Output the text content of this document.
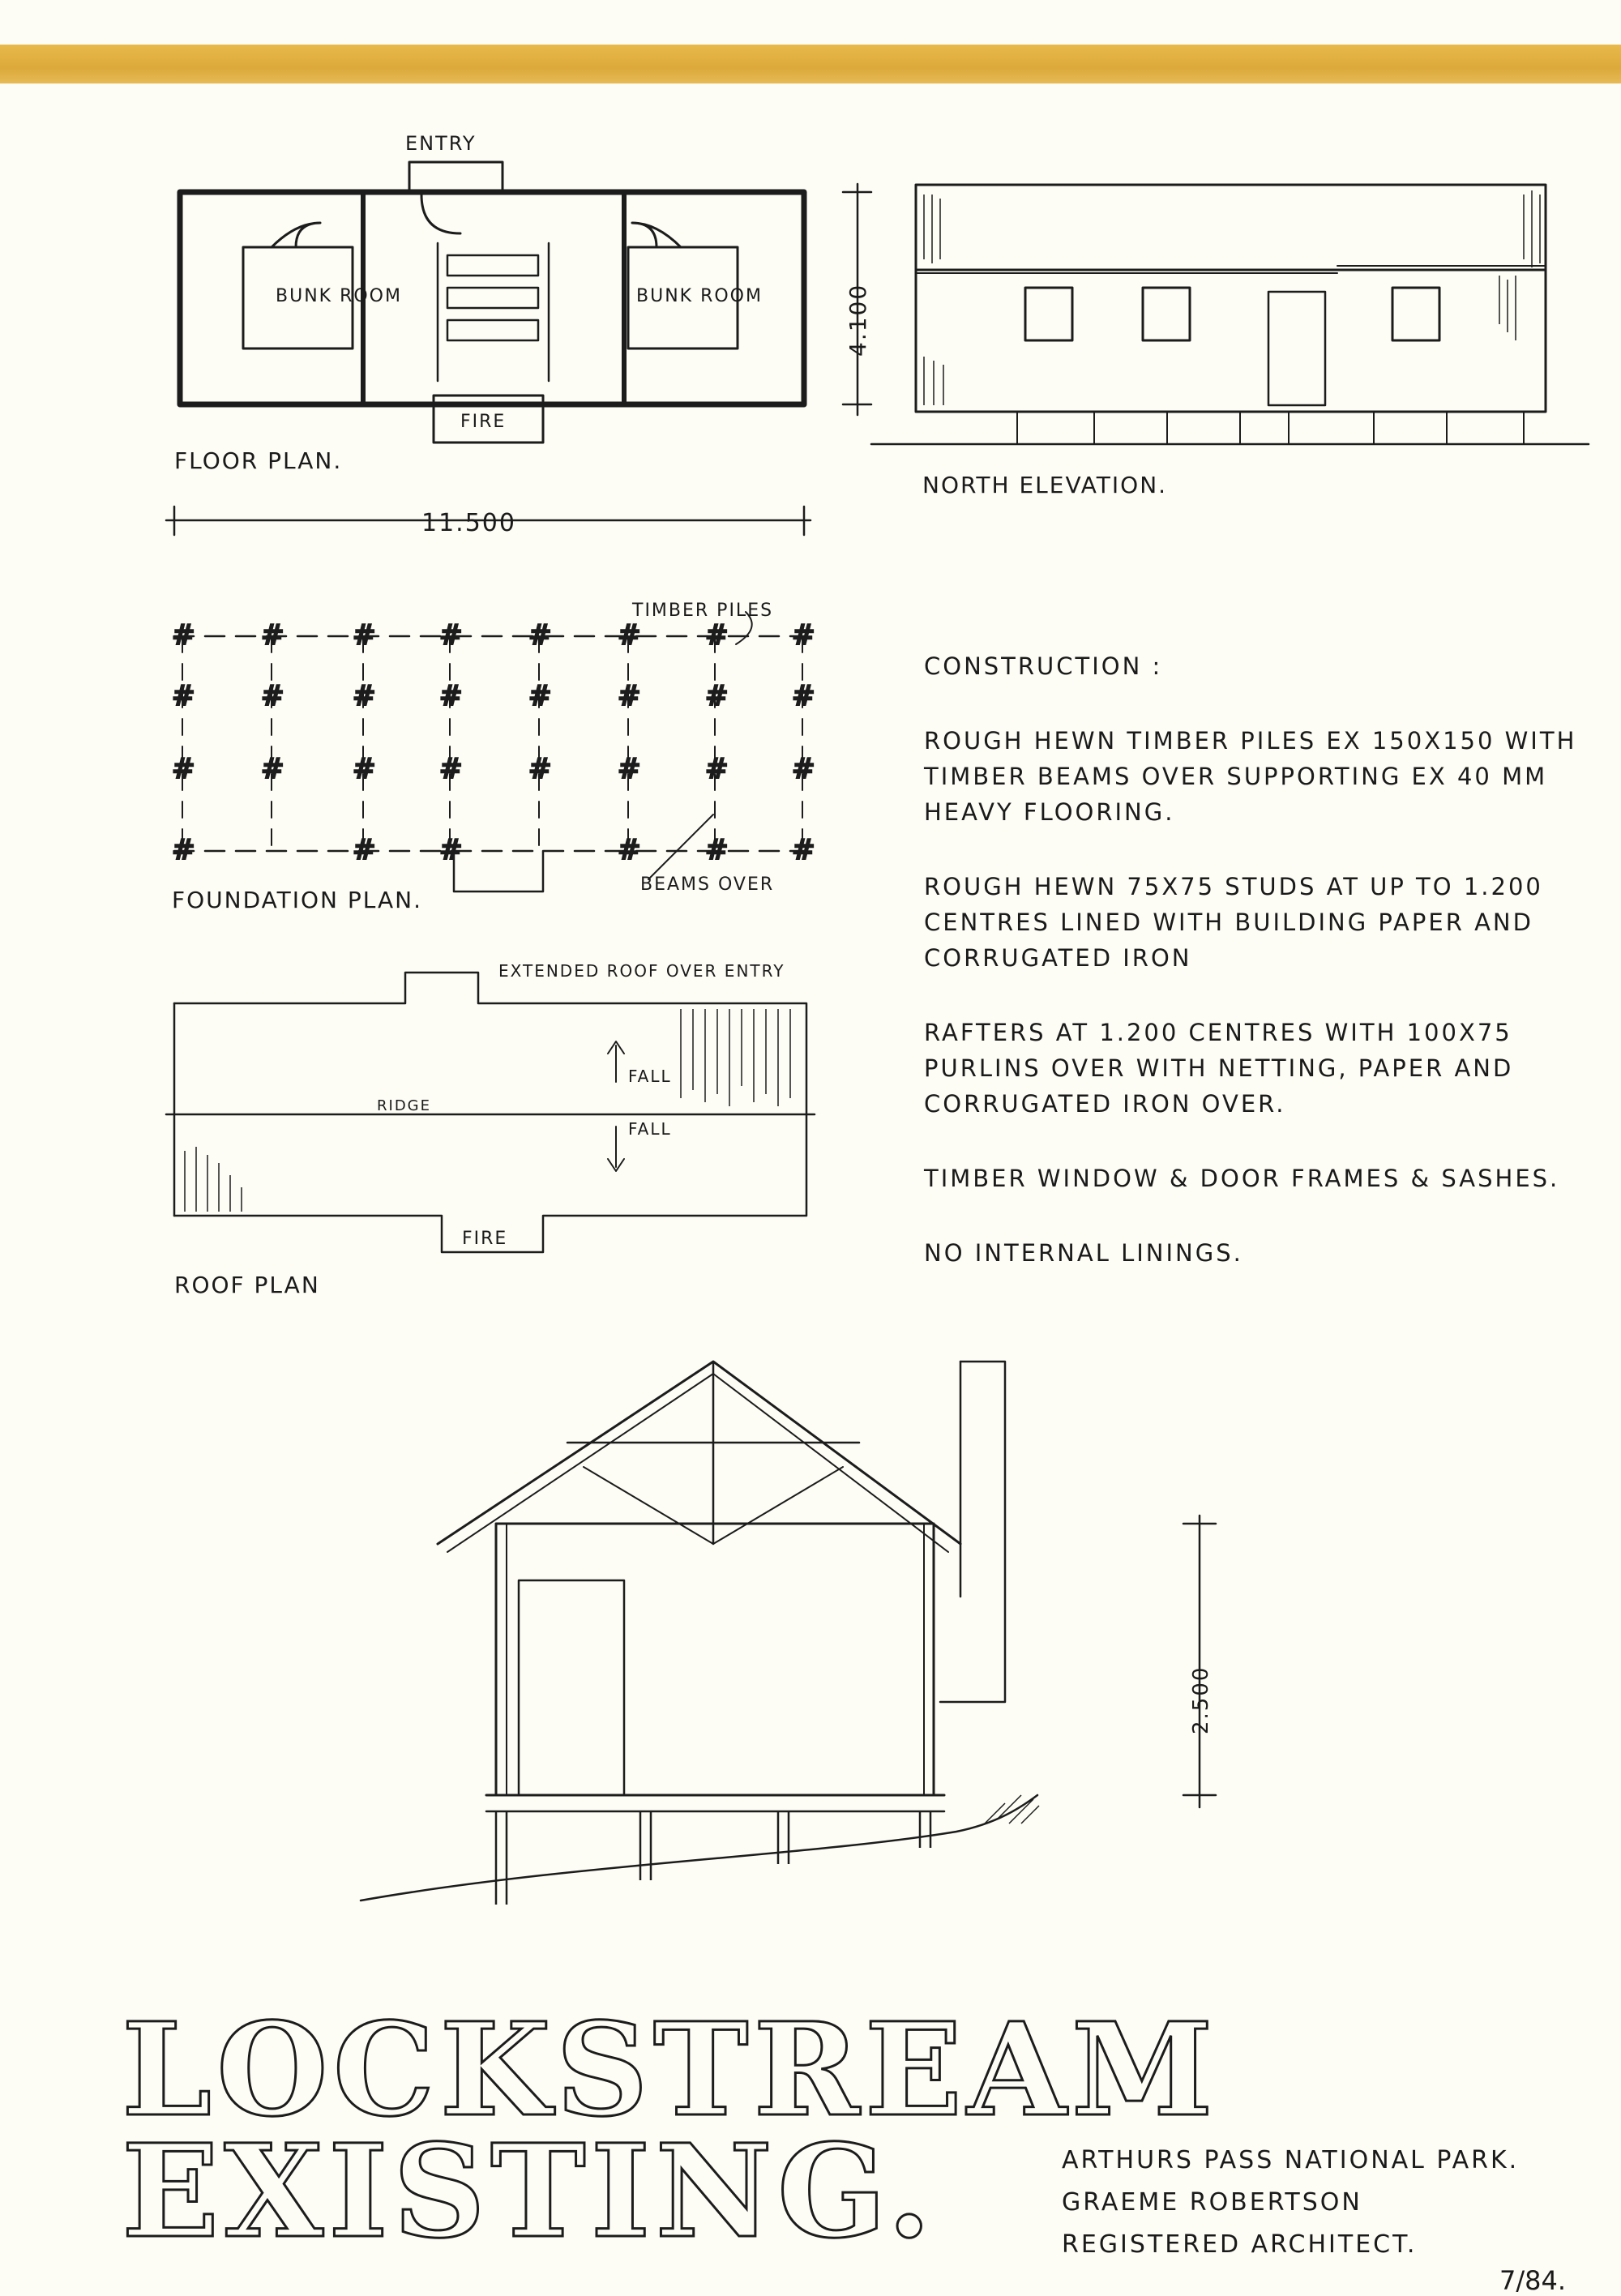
ENTRY
BUNK ROOM	BUNK ROOM
FIRE
FLOOR PLAN.
11.500
4.100
NORTH ELEVATION.
# # # # # # # #
# # # # # # # #
# # # # # # # #
#	# #	# # #
TIMBER PILES
BEAMS OVER
FOUNDATION PLAN.
EXTENDED ROOF OVER ENTRY
RIDGE
FALL
FALL
FIRE
ROOF PLAN
2.500
CONSTRUCTION :

ROUGH HEWN TIMBER PILES EX 150X150 WITH TIMBER BEAMS OVER SUPPORTING EX 40 MM HEAVY FLOORING.

ROUGH HEWN 75X75 STUDS AT UP TO 1.200 CENTRES LINED WITH BUILDING PAPER AND CORRUGATED IRON

RAFTERS AT 1.200 CENTRES WITH 100X75 PURLINS OVER WITH NETTING, PAPER AND CORRUGATED IRON OVER.

TIMBER WINDOW & DOOR FRAMES & SASHES.

NO INTERNAL LININGS.

LOCKSTREAM
EXISTING.	ARTHURS PASS NATIONAL PARK.
GRAEME ROBERTSON
REGISTERED ARCHITECT.
7/84.
